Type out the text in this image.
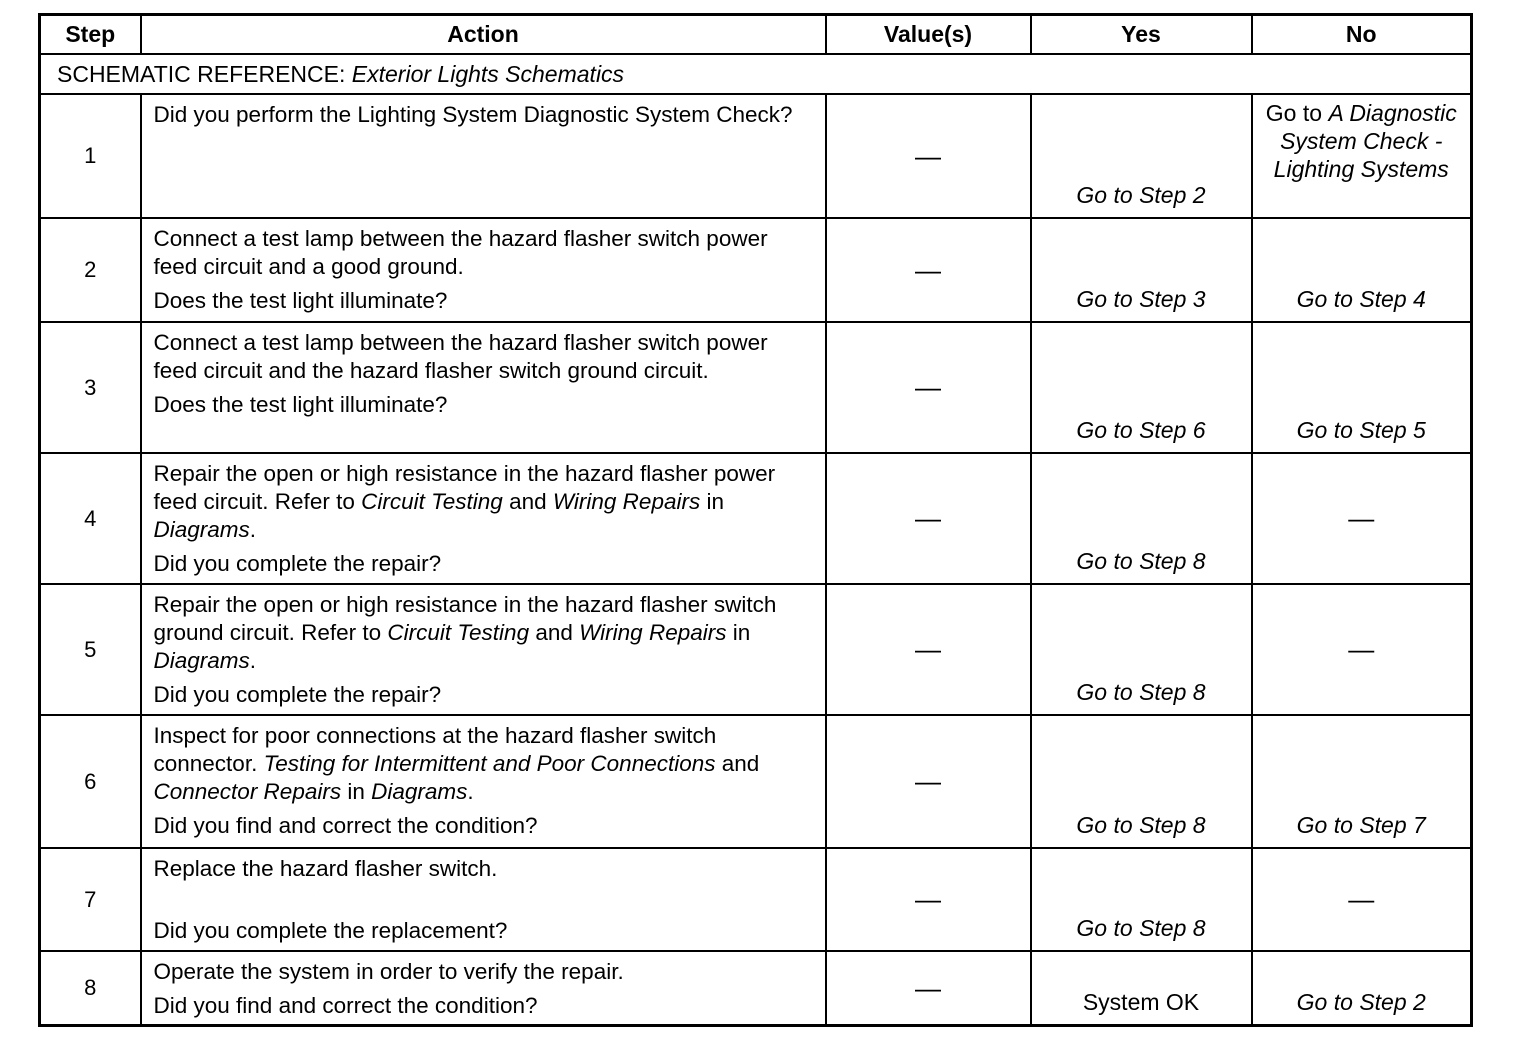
Step	Action	Value(s)	Yes	No
SCHEMATIC REFERENCE: Exterior Lights Schematics				
1	Did you perform the Lighting System Diagnostic System Check?	—	Go to Step 2	Go to A Diagnostic System Check - Lighting Systems
2	Connect a test lamp between the hazard flasher switch power feed circuit and a good ground.
Does the test light illuminate?	—	Go to Step 3	Go to Step 4
3	Connect a test lamp between the hazard flasher switch power feed circuit and the hazard flasher switch ground circuit.
Does the test light illuminate?	—	Go to Step 6	Go to Step 5
4	Repair the open or high resistance in the hazard flasher power feed circuit. Refer to Circuit Testing and Wiring Repairs in Diagrams.
Did you complete the repair?	—	Go to Step 8	—
5	Repair the open or high resistance in the hazard flasher switch ground circuit. Refer to Circuit Testing and Wiring Repairs in Diagrams.
Did you complete the repair?	—	Go to Step 8	—
6	Inspect for poor connections at the hazard flasher switch connector. Testing for Intermittent and Poor Connections and Connector Repairs in Diagrams.
Did you find and correct the condition?	—	Go to Step 8	Go to Step 7
7	Replace the hazard flasher switch.
Did you complete the replacement?	—	Go to Step 8	—
8	Operate the system in order to verify the repair.
Did you find and correct the condition?	—	System OK	Go to Step 2
